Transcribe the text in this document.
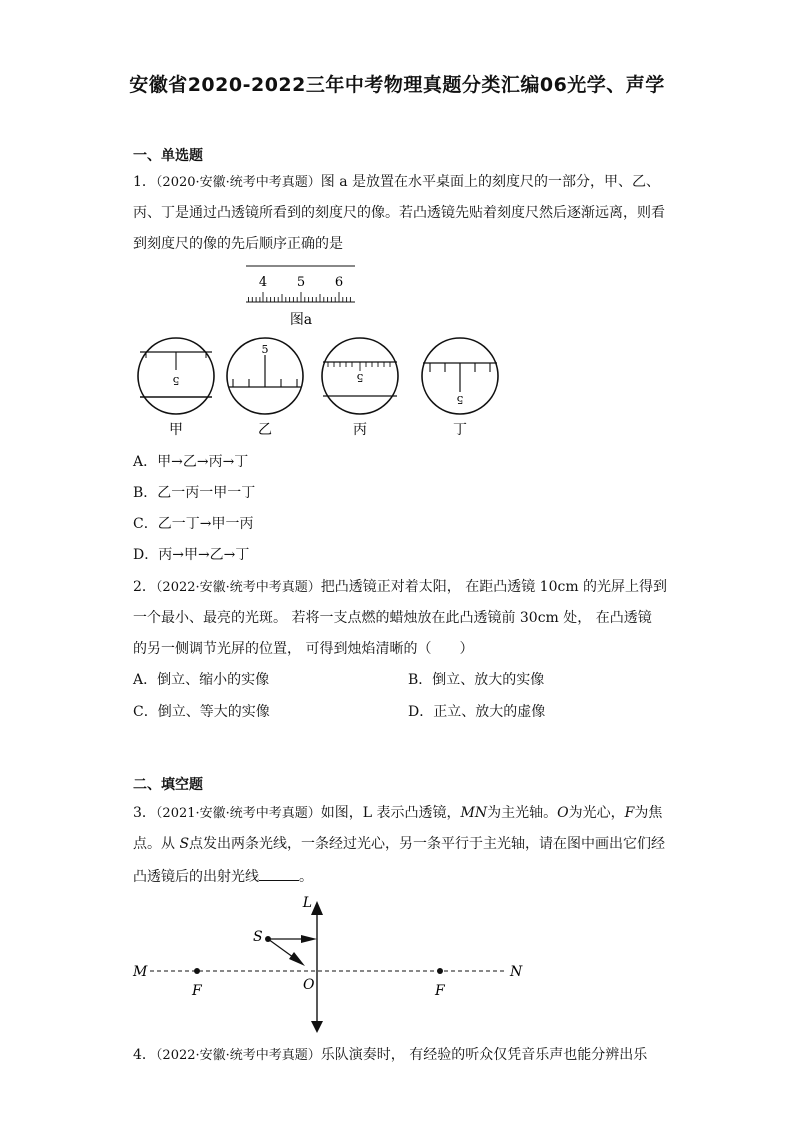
安徽省2020-2022三年中考物理真题分类汇编06光学、声学
一、单选题
1．（2020·安徽·统考中考真题）图 a 是放置在水平桌面上的刻度尺的一部分，甲、乙、
丙、丁是通过凸透镜所看到的刻度尺的像。若凸透镜先贴着刻度尺然后逐渐远离，则看
到刻度尺的像的先后顺序正确的是
4 5 6
图a
5
甲
5
乙
5
丙
5
丁
A．甲→乙→丙→丁
B．乙一丙一甲一丁
C．乙一丁→甲一丙
D．丙→甲→乙→丁
2．（2022·安徽·统考中考真题）把凸透镜正对着太阳， 在距凸透镜 10cm 的光屏上得到
一个最小、最亮的光斑。 若将一支点燃的蜡烛放在此凸透镜前 30cm 处， 在凸透镜
的另一侧调节光屏的位置， 可得到烛焰清晰的（　　）
A．倒立、缩小的实像	B．倒立、放大的实像
C．倒立、等大的实像	D．正立、放大的虚像
二、填空题
3．（2021·安徽·统考中考真题）如图，L 表示凸透镜，MN为主光轴。O为光心，F为焦
点。从 S点发出两条光线，一条经过光心，另一条平行于主光轴，请在图中画出它们经
凸透镜后的出射光线	。
L
S
M	N
O
F	F
4．（2022·安徽·统考中考真题）乐队演奏时， 有经验的听众仅凭音乐声也能分辨出乐
